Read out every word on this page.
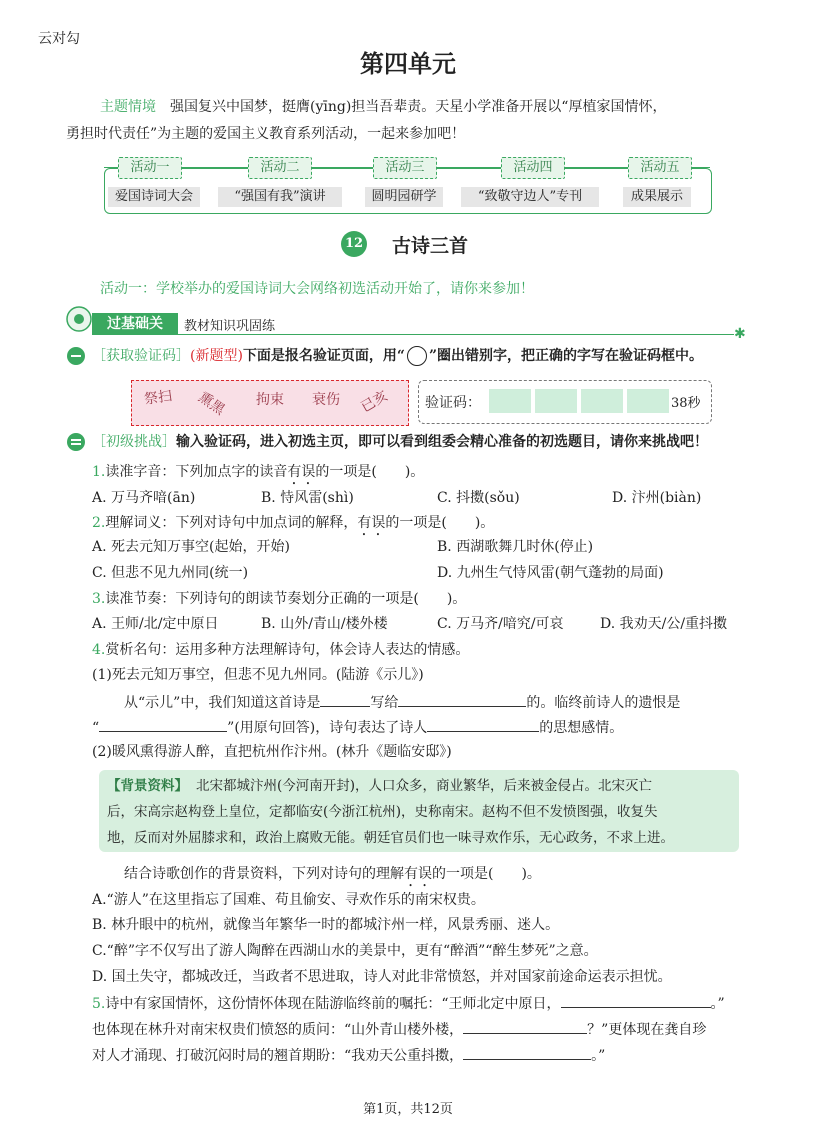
云对勾
第四单元
主题情境 强国复兴中国梦，挺膺(yīng)担当吾辈责。天星小学准备开展以“厚植家国情怀，
勇担时代责任”为主题的爱国主义教育系列活动，一起来参加吧！
活动一
爱国诗词大会
活动二
“强国有我”演讲
活动三
圆明园研学
活动四
“致敬守边人”专刊
活动五
成果展示
12 古诗三首
活动一：学校举办的爱国诗词大会网络初选活动开始了，请你来参加！
过基础关	教材知识巩固练	✱
［获取验证码］(新题型)下面是报名验证页面，用“ ”圈出错别字，把正确的字写在验证码框中。
祭扫 熏黑 拘束 衰伤 已亥 验证码：	38秒
［初级挑战］输入验证码，进入初选主页，即可以看到组委会精心准备的初选题目，请你来挑战吧！
1.读准字音：下列加点字的读音有误的一项是(　　)。
A. 万马齐喑(ān)	B. 恃风雷(shì)	C. 抖擞(sǒu)	D. 汴州(biàn)
2.理解词义：下列对诗句中加点词的解释，有误的一项是(　　)。
A. 死去元知万事空(起始，开始)	B. 西湖歌舞几时休(停止)
C. 但悲不见九州同(统一)	D. 九州生气恃风雷(朝气蓬勃的局面)
3.读准节奏：下列诗句的朗读节奏划分正确的一项是(　　)。
A. 王师/北/定中原日	B. 山外/青山/楼外楼	C. 万马齐/喑究/可哀	D. 我劝天/公/重抖擞
4.赏析名句：运用多种方法理解诗句，体会诗人表达的情感。
(1)死去元知万事空，但悲不见九州同。(陆游《示儿》)
从“示儿”中，我们知道这首诗是	写给	的。临终前诗人的遗恨是
“	”(用原句回答)，诗句表达了诗人	的思想感情。
(2)暖风熏得游人醉，直把杭州作汴州。(林升《题临安邸》)
【背景资料】 北宋都城汴州(今河南开封)，人口众多，商业繁华，后来被金侵占。北宋灭亡
后，宋高宗赵构登上皇位，定都临安(今浙江杭州)，史称南宋。赵构不但不发愤图强，收复失
地，反而对外屈膝求和，政治上腐败无能。朝廷官员们也一味寻欢作乐，无心政务，不求上进。
结合诗歌创作的背景资料，下列对诗句的理解有误的一项是(　　)。
A.“游人”在这里指忘了国难、苟且偷安、寻欢作乐的南宋权贵。
B. 林升眼中的杭州，就像当年繁华一时的都城汴州一样，风景秀丽、迷人。
C.“醉”字不仅写出了游人陶醉在西湖山水的美景中，更有“醉酒”“醉生梦死”之意。
D. 国土失守，都城改迁，当政者不思进取，诗人对此非常愤怒，并对国家前途命运表示担忧。
5.诗中有家国情怀，这份情怀体现在陆游临终前的嘱托：“王师北定中原日，	。”
也体现在林升对南宋权贵们愤怒的质问：“山外青山楼外楼，	？”更体现在龚自珍
对人才涌现、打破沉闷时局的翘首期盼：“我劝天公重抖擞，	。”
第1页，共12页
